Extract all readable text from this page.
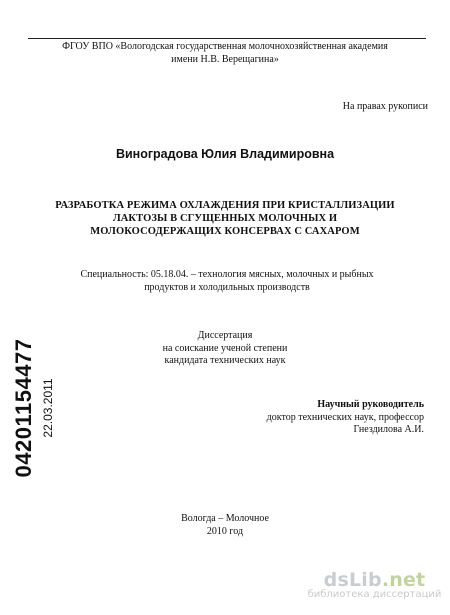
ФГОУ ВПО «Вологодская государственная молочнохозяйственная академия
имени Н.В. Верещагина»
На правах рукописи
Виноградова Юлия Владимировна
РАЗРАБОТКА РЕЖИМА ОХЛАЖДЕНИЯ ПРИ КРИСТАЛЛИЗАЦИИ
ЛАКТОЗЫ В СГУЩЕННЫХ МОЛОЧНЫХ И
МОЛОКОСОДЕРЖАЩИХ КОНСЕРВАХ С САХАРОМ
Специальность: 05.18.04. – технология мясных, молочных и рыбных
продуктов и холодильных производств
Диссертация
на соискание ученой степени
кандидата технических наук
Научный руководитель
доктор технических наук, профессор
Гнездилова А.И.
Вологда – Молочное
2010 год
04201154477 22.03.2011
dsLib.net
библиотека диссертаций
